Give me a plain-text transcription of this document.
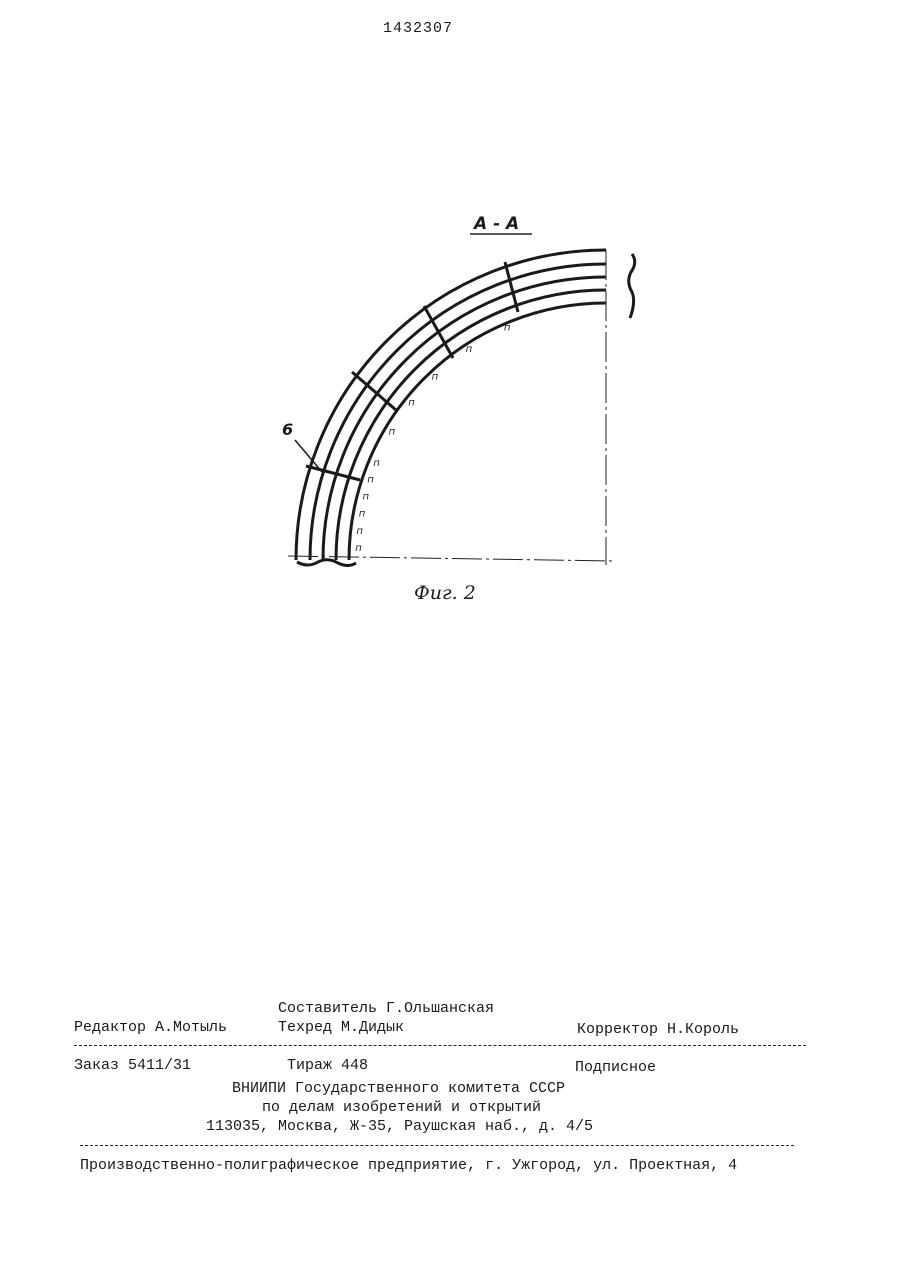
1432307
А - А
п
п
п
п
п
п
п
п
п
п
п
6
Фиг. 2
Составитель Г.Ольшанская
Редактор А.Мотыль	Техред М.Дидык	Корректор Н.Король
Заказ 5411/31	Тираж 448	Подписное
ВНИИПИ Государственного комитета СССР
по делам изобретений и открытий
113035, Москва, Ж-35, Раушская наб., д. 4/5
Производственно-полиграфическое предприятие, г. Ужгород, ул. Проектная, 4
